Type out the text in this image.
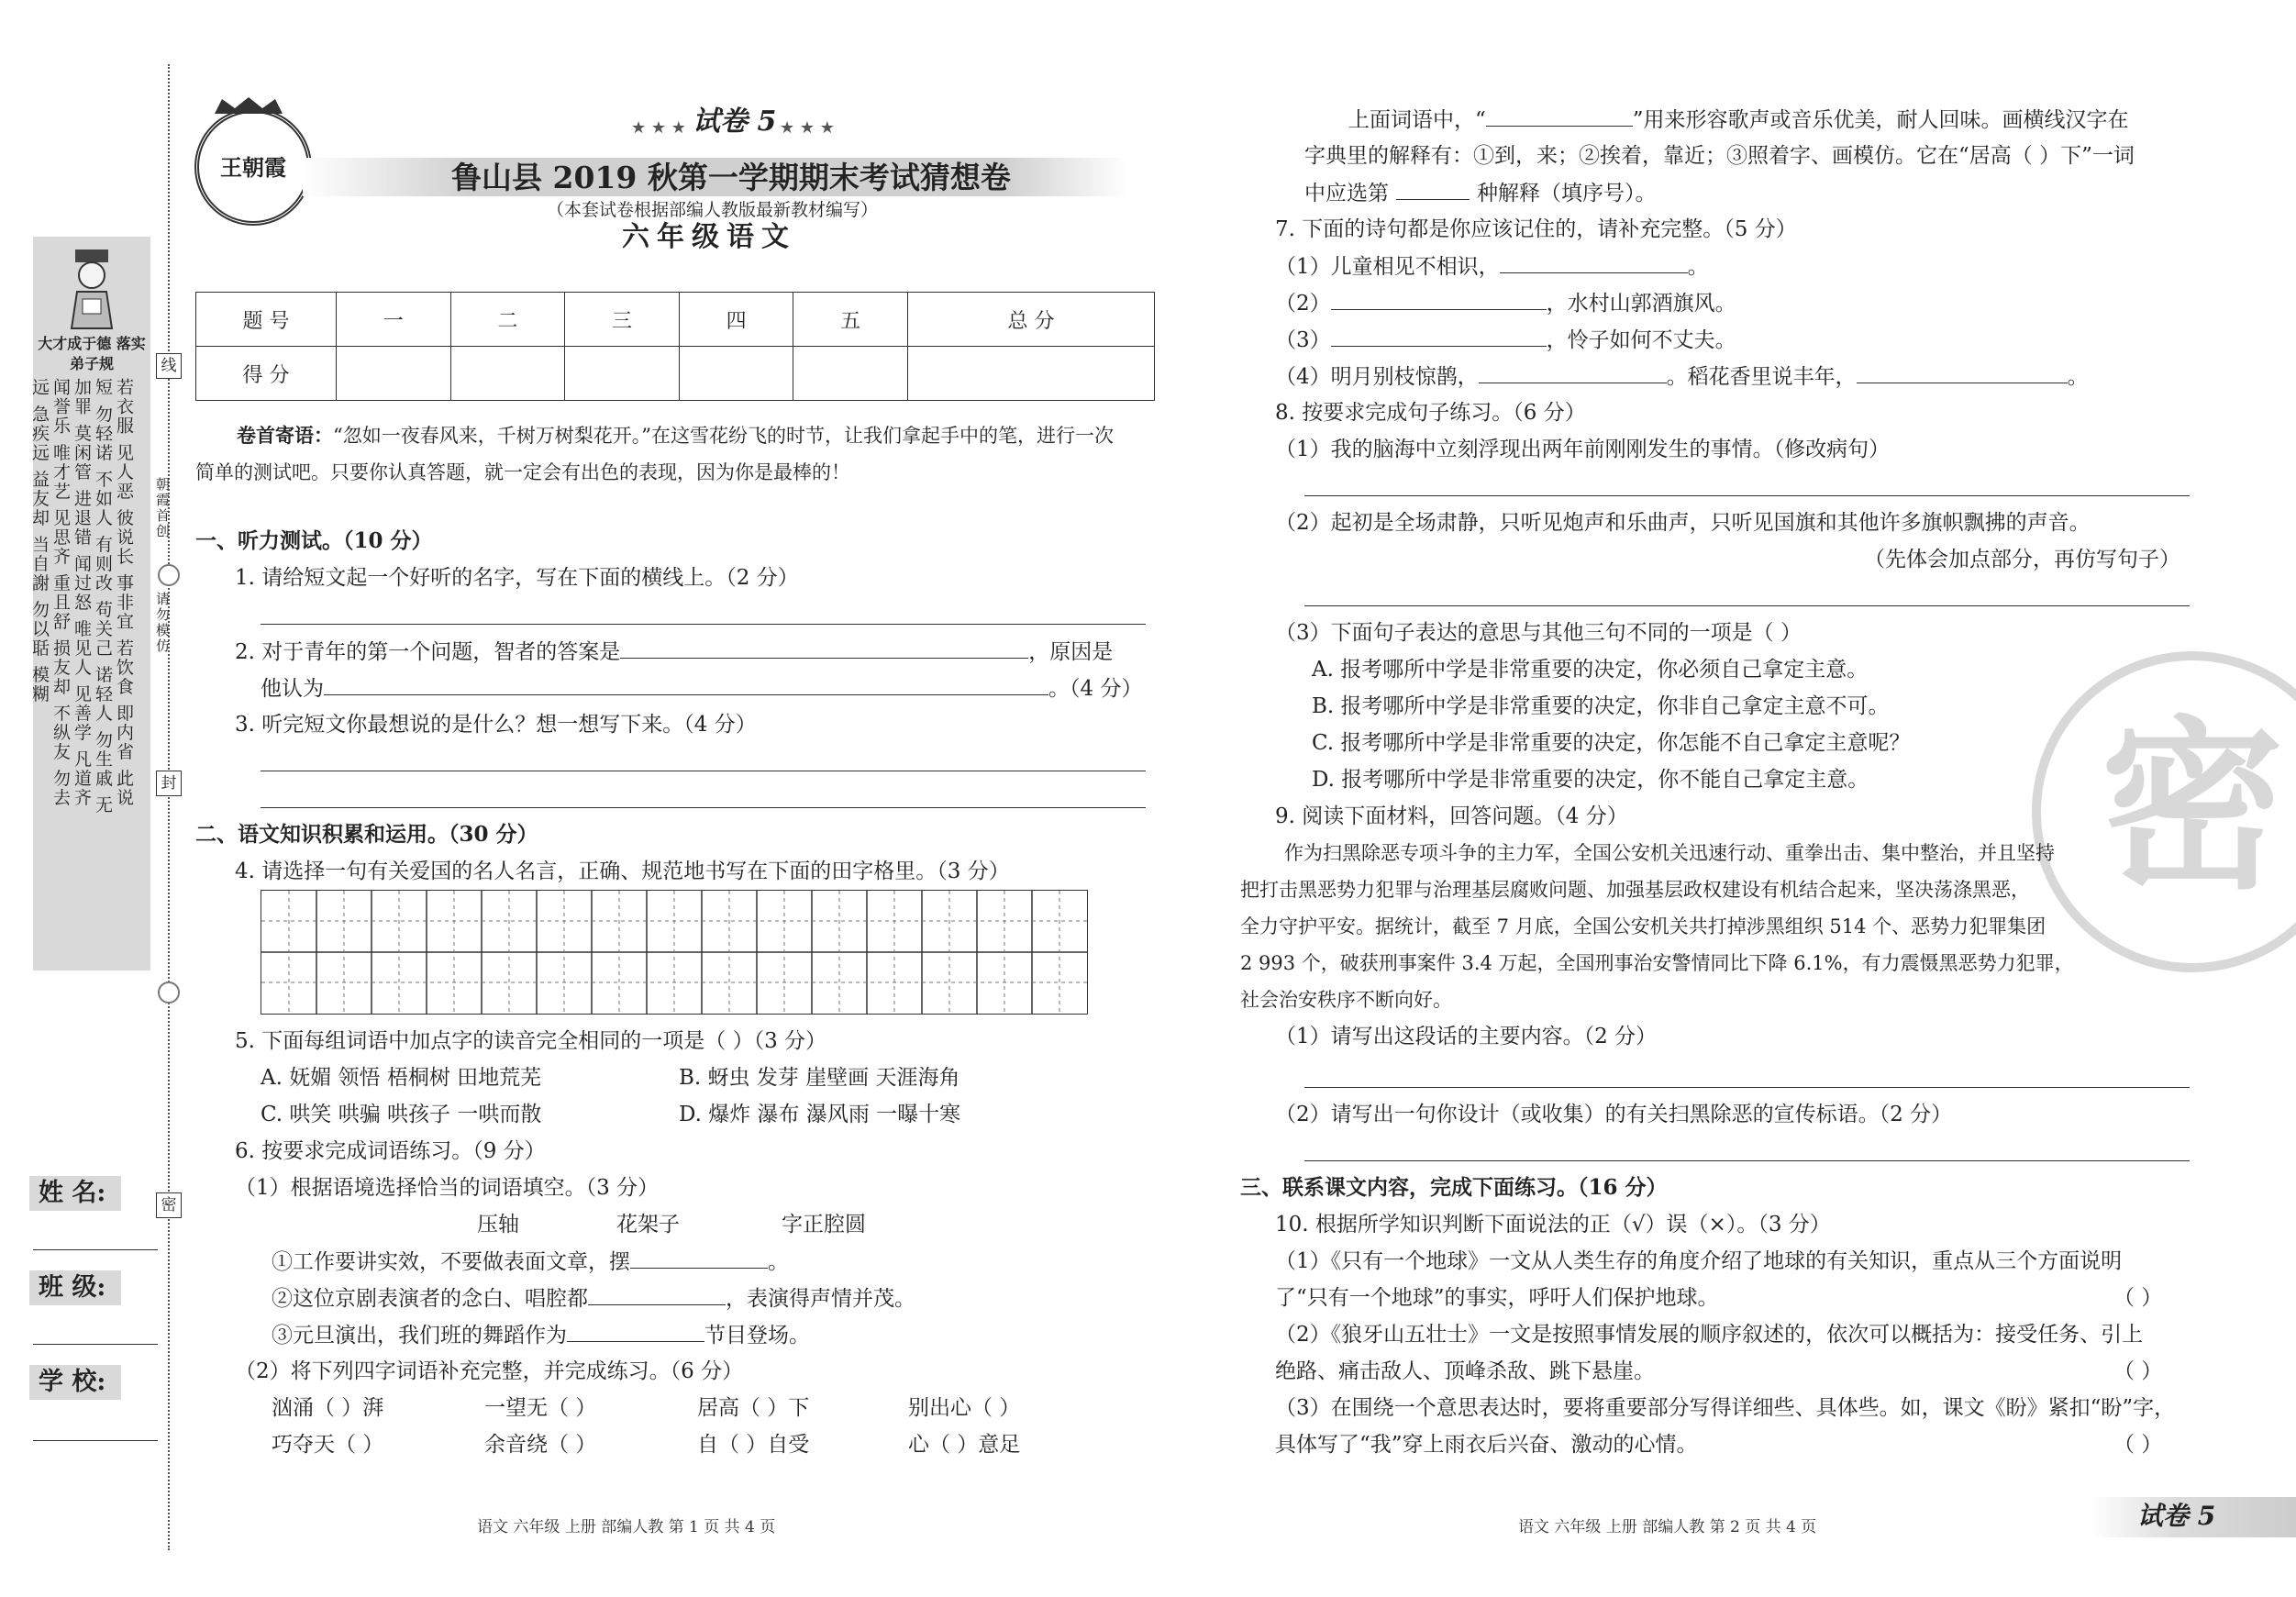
大才成于德 落实弟子规
若衣服 见人恶 彼说长 事非宜 若饮食 即内省 此说短 勿轻诺 不如人 有则改 苟关己 诺轻人 勿生戚 无加罪 莫闲管 进退错 闻过怒 唯见人 见善学 凡道齐 闻誉乐 唯才艺 见思齐 重且舒 损友却 不纵友 勿去远 急疾远 益友却 当自謝 勿以聒 模糊
线
朝霞首创
请勿模仿
封
密
姓 名:
班 级:
学 校:
王朝霞
★ ★ ★ 试卷 5 ★ ★ ★
鲁山县 2019 秋第一学期期末考试猜想卷
（本套试卷根据部编人教版最新教材编写）
六年级语文
题 号	一	二	三	四	五	总 分
得 分						
卷首寄语：“忽如一夜春风来，千树万树梨花开。”在这雪花纷飞的时节，让我们拿起手中的笔，进行一次
简单的测试吧。只要你认真答题，就一定会有出色的表现，因为你是最棒的！
一、听力测试。（10 分）
1. 请给短文起一个好听的名字，写在下面的横线上。（2 分）
2. 对于青年的第一个问题，智者的答案是	，原因是
他认为	。（4 分）
3. 听完短文你最想说的是什么？想一想写下来。（4 分）
二、语文知识积累和运用。（30 分）
4. 请选择一句有关爱国的名人名言，正确、规范地书写在下面的田字格里。（3 分）
5. 下面每组词语中加点字的读音完全相同的一项是（ ）（3 分）
A. 妩媚 领悟 梧桐树 田地荒芜	B. 蚜虫 发芽 崖壁画 天涯海角
C. 哄笑 哄骗 哄孩子 一哄而散	D. 爆炸 瀑布 瀑风雨 一曝十寒
6. 按要求完成词语练习。（9 分）
（1）根据语境选择恰当的词语填空。（3 分）
压轴	花架子	字正腔圆
①工作要讲实效，不要做表面文章，摆	。
②这位京剧表演者的念白、唱腔都	，表演得声情并茂。
③元旦演出，我们班的舞蹈作为	节目登场。
（2）将下列四字词语补充完整，并完成练习。（6 分）
汹涌（ ）湃	一望无（ ）	居高（ ）下	别出心（ ）
巧夺天（ ）	余音绕（ ）	自（ ）自受	心（ ）意足
语文 六年级 上册 部编人教 第 1 页 共 4 页
密
上面词语中，“	”用来形容歌声或音乐优美，耐人回味。画横线汉字在
字典里的解释有：①到，来；②挨着，靠近；③照着字、画模仿。它在“居高（ ）下”一词
中应选第	种解释（填序号）。
7. 下面的诗句都是你应该记住的，请补充完整。（5 分）
（1）儿童相见不相识，	。
（2）	，水村山郭酒旗风。
（3）	，怜子如何不丈夫。
（4）明月别枝惊鹊，	。稻花香里说丰年，	。
8. 按要求完成句子练习。（6 分）
（1）我的脑海中立刻浮现出两年前刚刚发生的事情。（修改病句）
（2）起初是全场肃静，只听见炮声和乐曲声，只听见国旗和其他许多旗帜飘拂的声音。
（先体会加点部分，再仿写句子）
（3）下面句子表达的意思与其他三句不同的一项是（ ）
A. 报考哪所中学是非常重要的决定，你必须自己拿定主意。
B. 报考哪所中学是非常重要的决定，你非自己拿定主意不可。
C. 报考哪所中学是非常重要的决定，你怎能不自己拿定主意呢？
D. 报考哪所中学是非常重要的决定，你不能自己拿定主意。
9. 阅读下面材料，回答问题。（4 分）
作为扫黑除恶专项斗争的主力军，全国公安机关迅速行动、重拳出击、集中整治，并且坚持
把打击黑恶势力犯罪与治理基层腐败问题、加强基层政权建设有机结合起来，坚决荡涤黑恶，
全力守护平安。据统计，截至 7 月底，全国公安机关共打掉涉黑组织 514 个、恶势力犯罪集团
2 993 个，破获刑事案件 3.4 万起，全国刑事治安警情同比下降 6.1%，有力震慑黑恶势力犯罪，
社会治安秩序不断向好。
（1）请写出这段话的主要内容。（2 分）
（2）请写出一句你设计（或收集）的有关扫黑除恶的宣传标语。（2 分）
三、联系课文内容，完成下面练习。（16 分）
10. 根据所学知识判断下面说法的正（√）误（×）。（3 分）
（1）《只有一个地球》一文从人类生存的角度介绍了地球的有关知识，重点从三个方面说明
了“只有一个地球”的事实，呼吁人们保护地球。	（ ）
（2）《狼牙山五壮士》一文是按照事情发展的顺序叙述的，依次可以概括为：接受任务、引上
绝路、痛击敌人、顶峰杀敌、跳下悬崖。	（ ）
（3）在围绕一个意思表达时，要将重要部分写得详细些、具体些。如，课文《盼》紧扣“盼”字，
具体写了“我”穿上雨衣后兴奋、激动的心情。	（ ）
语文 六年级 上册 部编人教 第 2 页 共 4 页	试卷 5
